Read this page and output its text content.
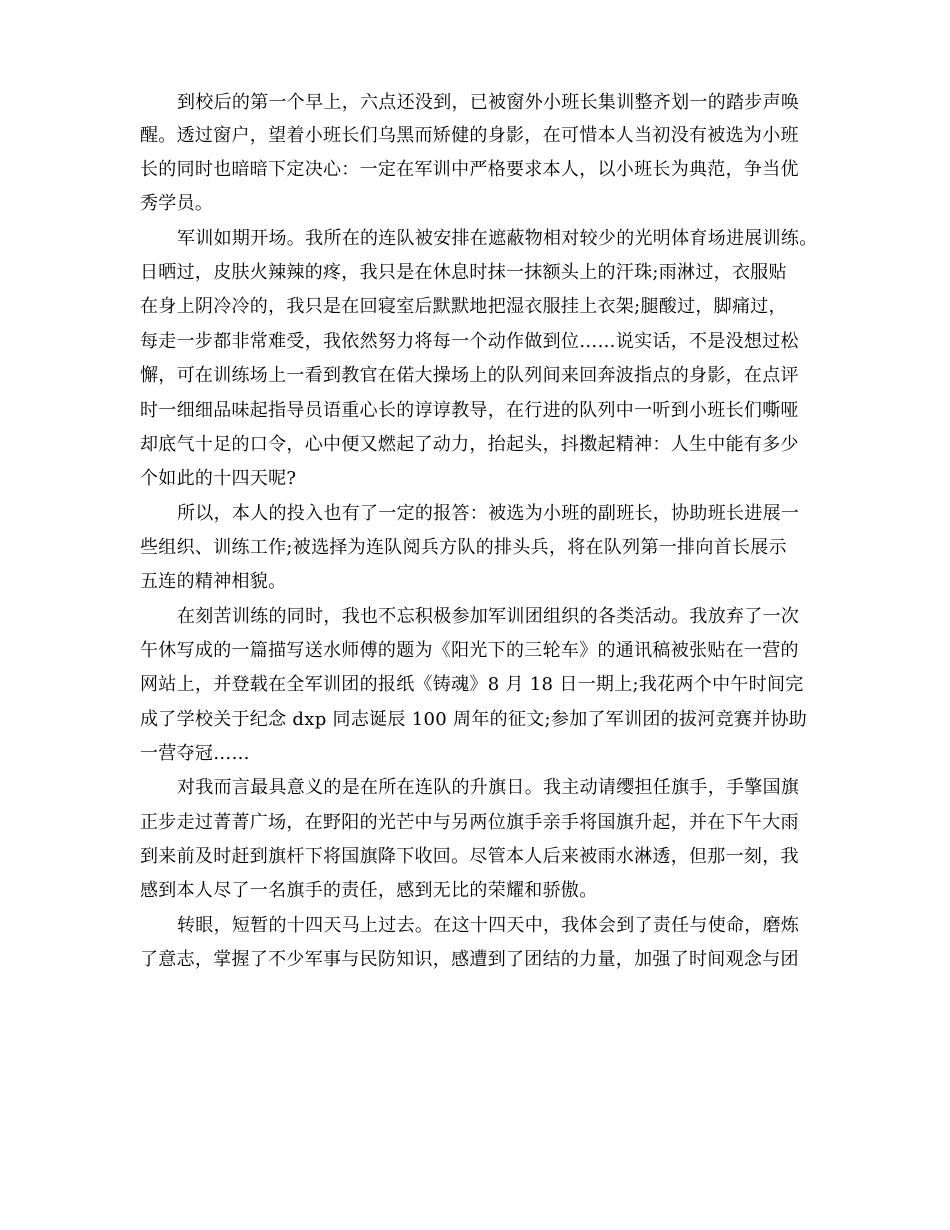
到校后的第一个早上，六点还没到，已被窗外小班长集训整齐划一的踏步声唤
醒。透过窗户，望着小班长们乌黑而矫健的身影，在可惜本人当初没有被选为小班
长的同时也暗暗下定决心：一定在军训中严格要求本人，以小班长为典范，争当优
秀学员。
军训如期开场。我所在的连队被安排在遮蔽物相对较少的光明体育场进展训练。
日晒过，皮肤火辣辣的疼，我只是在休息时抹一抹额头上的汗珠;雨淋过，衣服贴
在身上阴冷冷的，我只是在回寝室后默默地把湿衣服挂上衣架;腿酸过，脚痛过，
每走一步都非常难受，我依然努力将每一个动作做到位……说实话，不是没想过松
懈，可在训练场上一看到教官在偌大操场上的队列间来回奔波指点的身影，在点评
时一细细品味起指导员语重心长的谆谆教导，在行进的队列中一听到小班长们嘶哑
却底气十足的口令，心中便又燃起了动力，抬起头，抖擞起精神：人生中能有多少
个如此的十四天呢?
所以，本人的投入也有了一定的报答：被选为小班的副班长，协助班长进展一
些组织、训练工作;被选择为连队阅兵方队的排头兵，将在队列第一排向首长展示
五连的精神相貌。
在刻苦训练的同时，我也不忘积极参加军训团组织的各类活动。我放弃了一次
午休写成的一篇描写送水师傅的题为《阳光下的三轮车》的通讯稿被张贴在一营的
网站上，并登载在全军训团的报纸《铸魂》8 月 18 日一期上;我花两个中午时间完
成了学校关于纪念 dxp 同志诞辰 100 周年的征文;参加了军训团的拔河竞赛并协助
一营夺冠……
对我而言最具意义的是在所在连队的升旗日。我主动请缨担任旗手，手擎国旗
正步走过菁菁广场，在野阳的光芒中与另两位旗手亲手将国旗升起，并在下午大雨
到来前及时赶到旗杆下将国旗降下收回。尽管本人后来被雨水淋透，但那一刻，我
感到本人尽了一名旗手的责任，感到无比的荣耀和骄傲。
转眼，短暂的十四天马上过去。在这十四天中，我体会到了责任与使命，磨炼
了意志，掌握了不少军事与民防知识，感遭到了团结的力量，加强了时间观念与团
